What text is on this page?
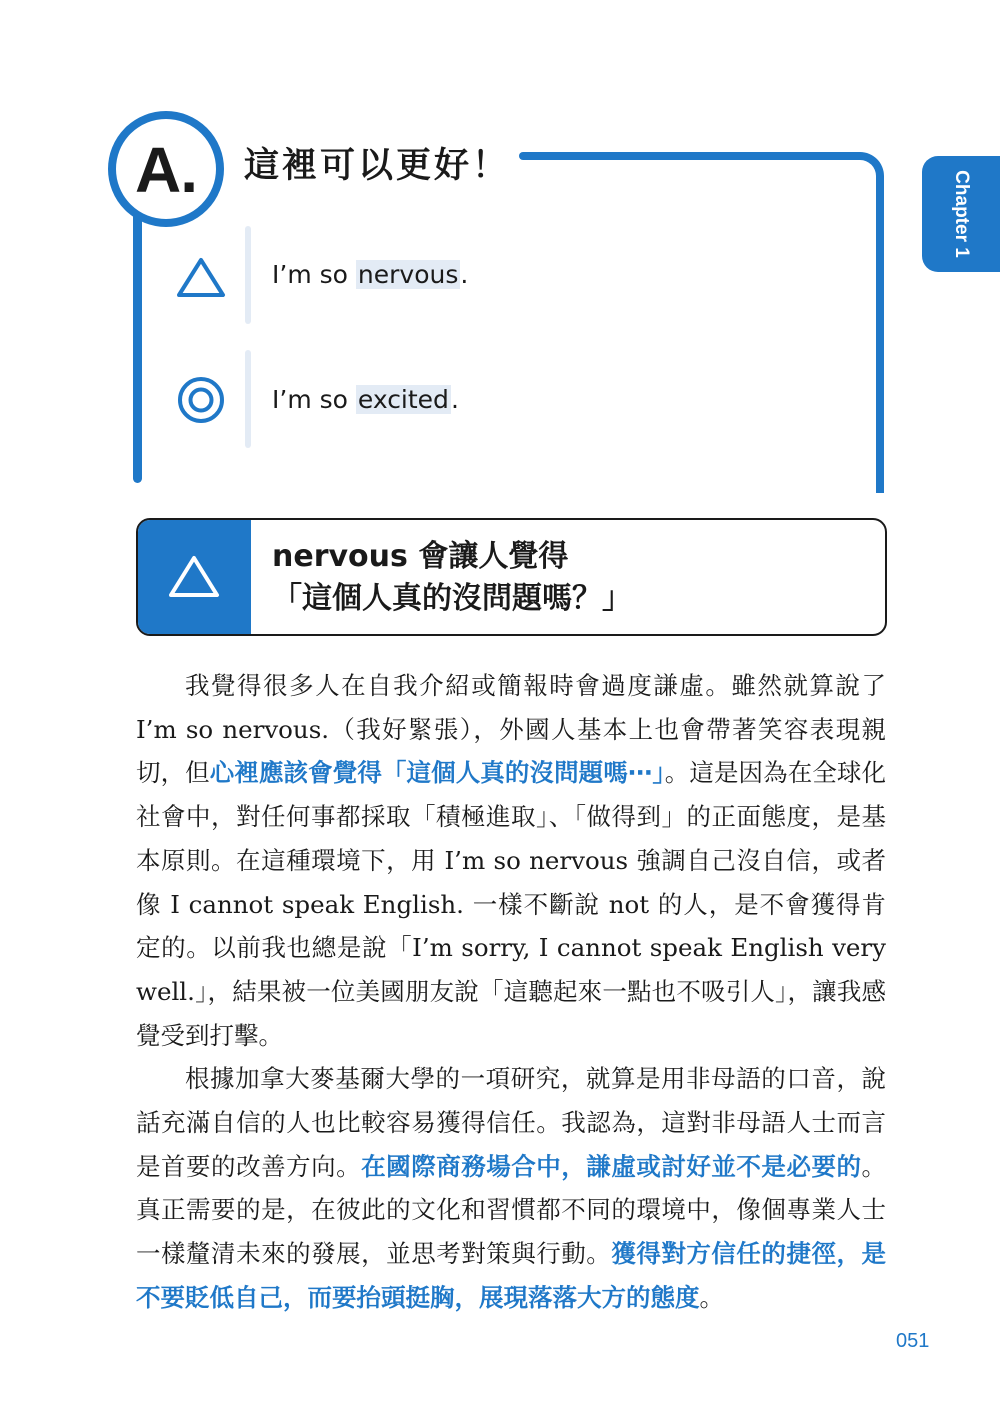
A. 這裡可以更好！
I’m so nervous.
I’m so excited.
Chapter 1
nervous 會讓人覺得
「這個人真的沒問題嗎？」

我覺得很多人在自我介紹或簡報時會過度謙虛。雖然就算說了 I’m so nervous.（我好緊張），外國人基本上也會帶著笑容表現親切，但心裡應該會覺得「這個人真的沒問題嗎⋯」。這是因為在全球化社會中，對任何事都採取「積極進取」、「做得到」的正面態度，是基本原則。在這種環境下，用 I’m so nervous 強調自己沒自信，或者像 I cannot speak English. 一樣不斷說 not 的人，是不會獲得肯定的。以前我也總是說「I’m sorry, I cannot speak English very well.」，結果被一位美國朋友說「這聽起來一點也不吸引人」，讓我感覺受到打擊。

根據加拿大麥基爾大學的一項研究，就算是用非母語的口音，說話充滿自信的人也比較容易獲得信任。我認為，這對非母語人士而言是首要的改善方向。在國際商務場合中，謙虛或討好並不是必要的。真正需要的是，在彼此的文化和習慣都不同的環境中，像個專業人士一樣釐清未來的發展，並思考對策與行動。獲得對方信任的捷徑，是不要貶低自己，而要抬頭挺胸，展現落落大方的態度。

051
